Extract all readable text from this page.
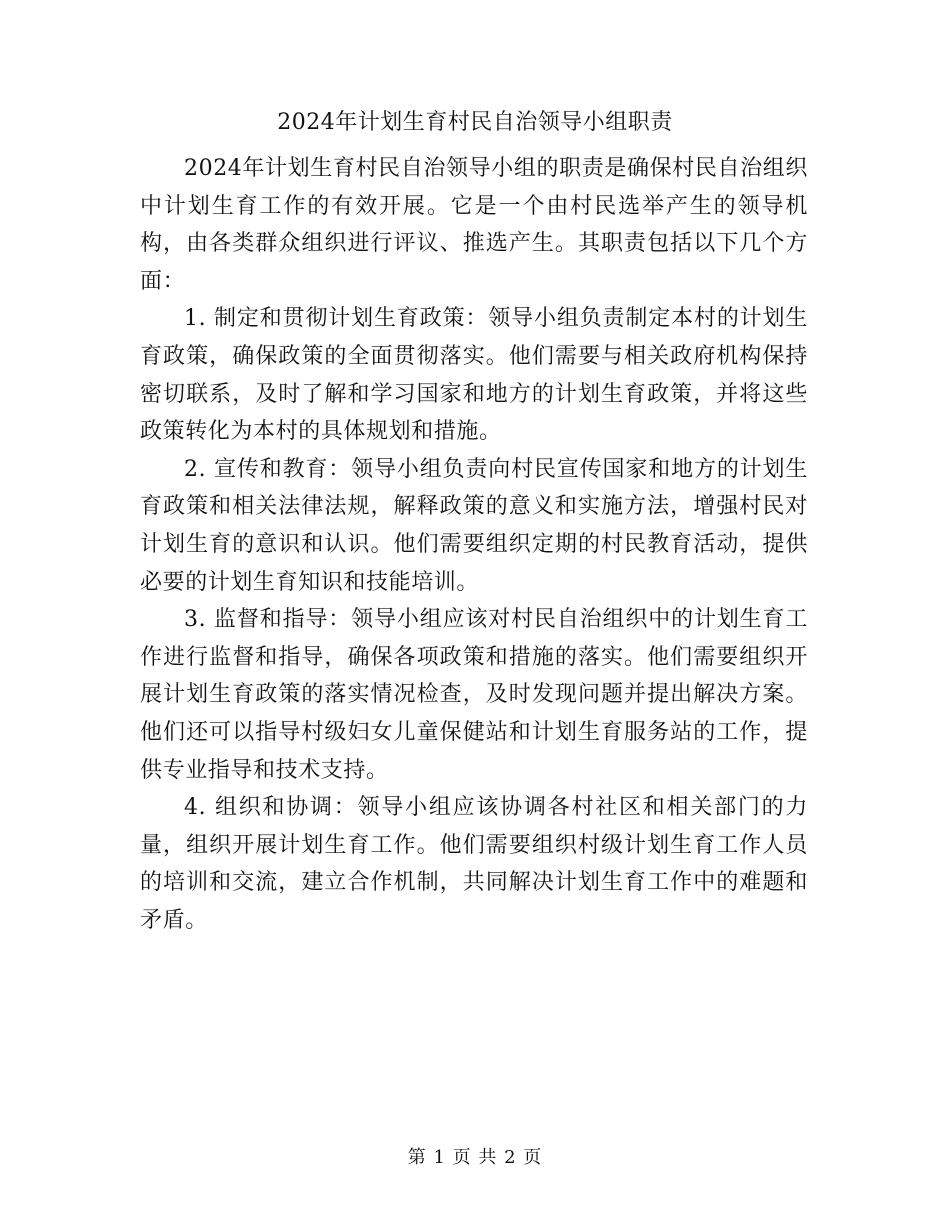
2024年计划生育村民自治领导小组职责

2024年计划生育村民自治领导小组的职责是确保村民自治组织中计划生育工作的有效开展。它是一个由村民选举产生的领导机构，由各类群众组织进行评议、推选产生。其职责包括以下几个方面：

1. 制定和贯彻计划生育政策：领导小组负责制定本村的计划生育政策，确保政策的全面贯彻落实。他们需要与相关政府机构保持密切联系，及时了解和学习国家和地方的计划生育政策，并将这些政策转化为本村的具体规划和措施。

2. 宣传和教育：领导小组负责向村民宣传国家和地方的计划生育政策和相关法律法规，解释政策的意义和实施方法，增强村民对计划生育的意识和认识。他们需要组织定期的村民教育活动，提供必要的计划生育知识和技能培训。

3. 监督和指导：领导小组应该对村民自治组织中的计划生育工作进行监督和指导，确保各项政策和措施的落实。他们需要组织开展计划生育政策的落实情况检查，及时发现问题并提出解决方案。他们还可以指导村级妇女儿童保健站和计划生育服务站的工作，提供专业指导和技术支持。

4. 组织和协调：领导小组应该协调各村社区和相关部门的力量，组织开展计划生育工作。他们需要组织村级计划生育工作人员的培训和交流，建立合作机制，共同解决计划生育工作中的难题和矛盾。

第 1 页 共 2 页
